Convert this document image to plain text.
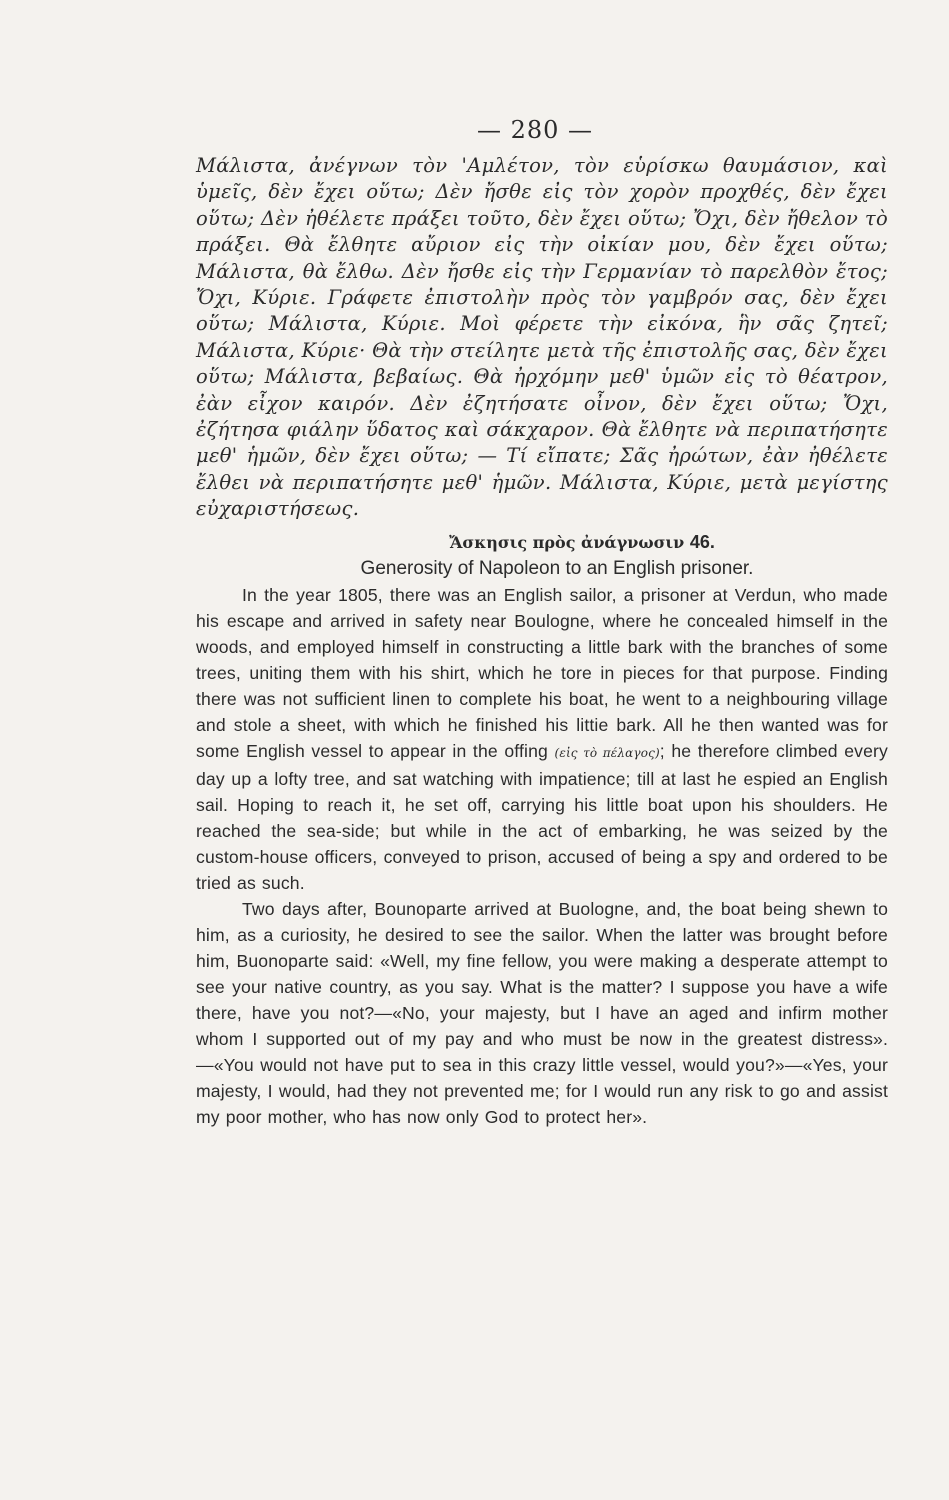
— 280 —

Μάλιστα, ἀνέγνων τὸν 'Αμλέτον, τὸν εὑρίσκω θαυμάσιον, καὶ ὑμεῖς, δὲν ἔχει οὕτω; Δὲν ἤσθε εἰς τὸν χορὸν προχθές, δὲν ἔχει οὕτω; Δὲν ἠθέλετε πράξει τοῦτο, δὲν ἔχει οὕτω; Ὄχι, δὲν ἤθελον τὸ πράξει. Θὰ ἔλθητε αὔριον εἰς τὴν οἰκίαν μου, δὲν ἔχει οὕτω; Μάλιστα, θὰ ἔλθω. Δὲν ἤσθε εἰς τὴν Γερμανίαν τὸ παρελθὸν ἔτος; Ὄχι, Κύριε. Γράφετε ἐπιστολὴν πρὸς τὸν γαμβρόν σας, δὲν ἔχει οὕτω; Μάλιστα, Κύριε. Μοὶ φέρετε τὴν εἰκόνα, ἣν σᾶς ζητεῖ; Μάλιστα, Κύριε· Θὰ τὴν στείλητε μετὰ τῆς ἐπιστολῆς σας, δὲν ἔχει οὕτω; Μάλιστα, βεβαίως. Θὰ ἠρχόμην μεθ' ὑμῶν εἰς τὸ θέατρον, ἐὰν εἶχον καιρόν. Δὲν ἐζητήσατε οἶνον, δὲν ἔχει οὕτω; Ὄχι, ἐζήτησα φιάλην ὕδατος καὶ σάκχαρον. Θὰ ἔλθητε νὰ περιπατήσητε μεθ' ἡμῶν, δὲν ἔχει οὕτω; — Τί εἴπατε; Σᾶς ἠρώτων, ἐὰν ἠθέλετε ἔλθει νὰ περιπατήσητε μεθ' ἡμῶν. Μάλιστα, Κύριε, μετὰ μεγίστης εὐχαριστήσεως.

Ἄσκησις πρὸς ἀνάγνωσιν 46.
Generosity of Napoleon to an English prisoner.

In the year 1805, there was an English sailor, a prisoner at Verdun, who made his escape and arrived in safety near Boulogne, where he concealed himself in the woods, and employed himself in constructing a little bark with the branches of some trees, uniting them with his shirt, which he tore in pieces for that purpose. Finding there was not sufficient linen to complete his boat, he went to a neighbouring village and stole a sheet, with which he finished his littie bark. All he then wanted was for some English vessel to appear in the offing (εἰς τὸ πέλαγος); he therefore climbed every day up a lofty tree, and sat watching with impatience; till at last he espied an English sail. Hoping to reach it, he set off, carrying his little boat upon his shoulders. He reached the sea-side; but while in the act of embarking, he was seized by the custom-house officers, conveyed to prison, accused of being a spy and ordered to be tried as such.

Two days after, Bounoparte arrived at Buologne, and, the boat being shewn to him, as a curiosity, he desired to see the sailor. When the latter was brought before him, Buonoparte said: «Well, my fine fellow, you were making a desperate attempt to see your native country, as you say. What is the matter? I suppose you have a wife there, have you not?—«No, your majesty, but I have an aged and infirm mother whom I supported out of my pay and who must be now in the greatest distress».—«You would not have put to sea in this crazy little vessel, would you?»—«Yes, your majesty, I would, had they not prevented me; for I would run any risk to go and assist my poor mother, who has now only God to protect her».
